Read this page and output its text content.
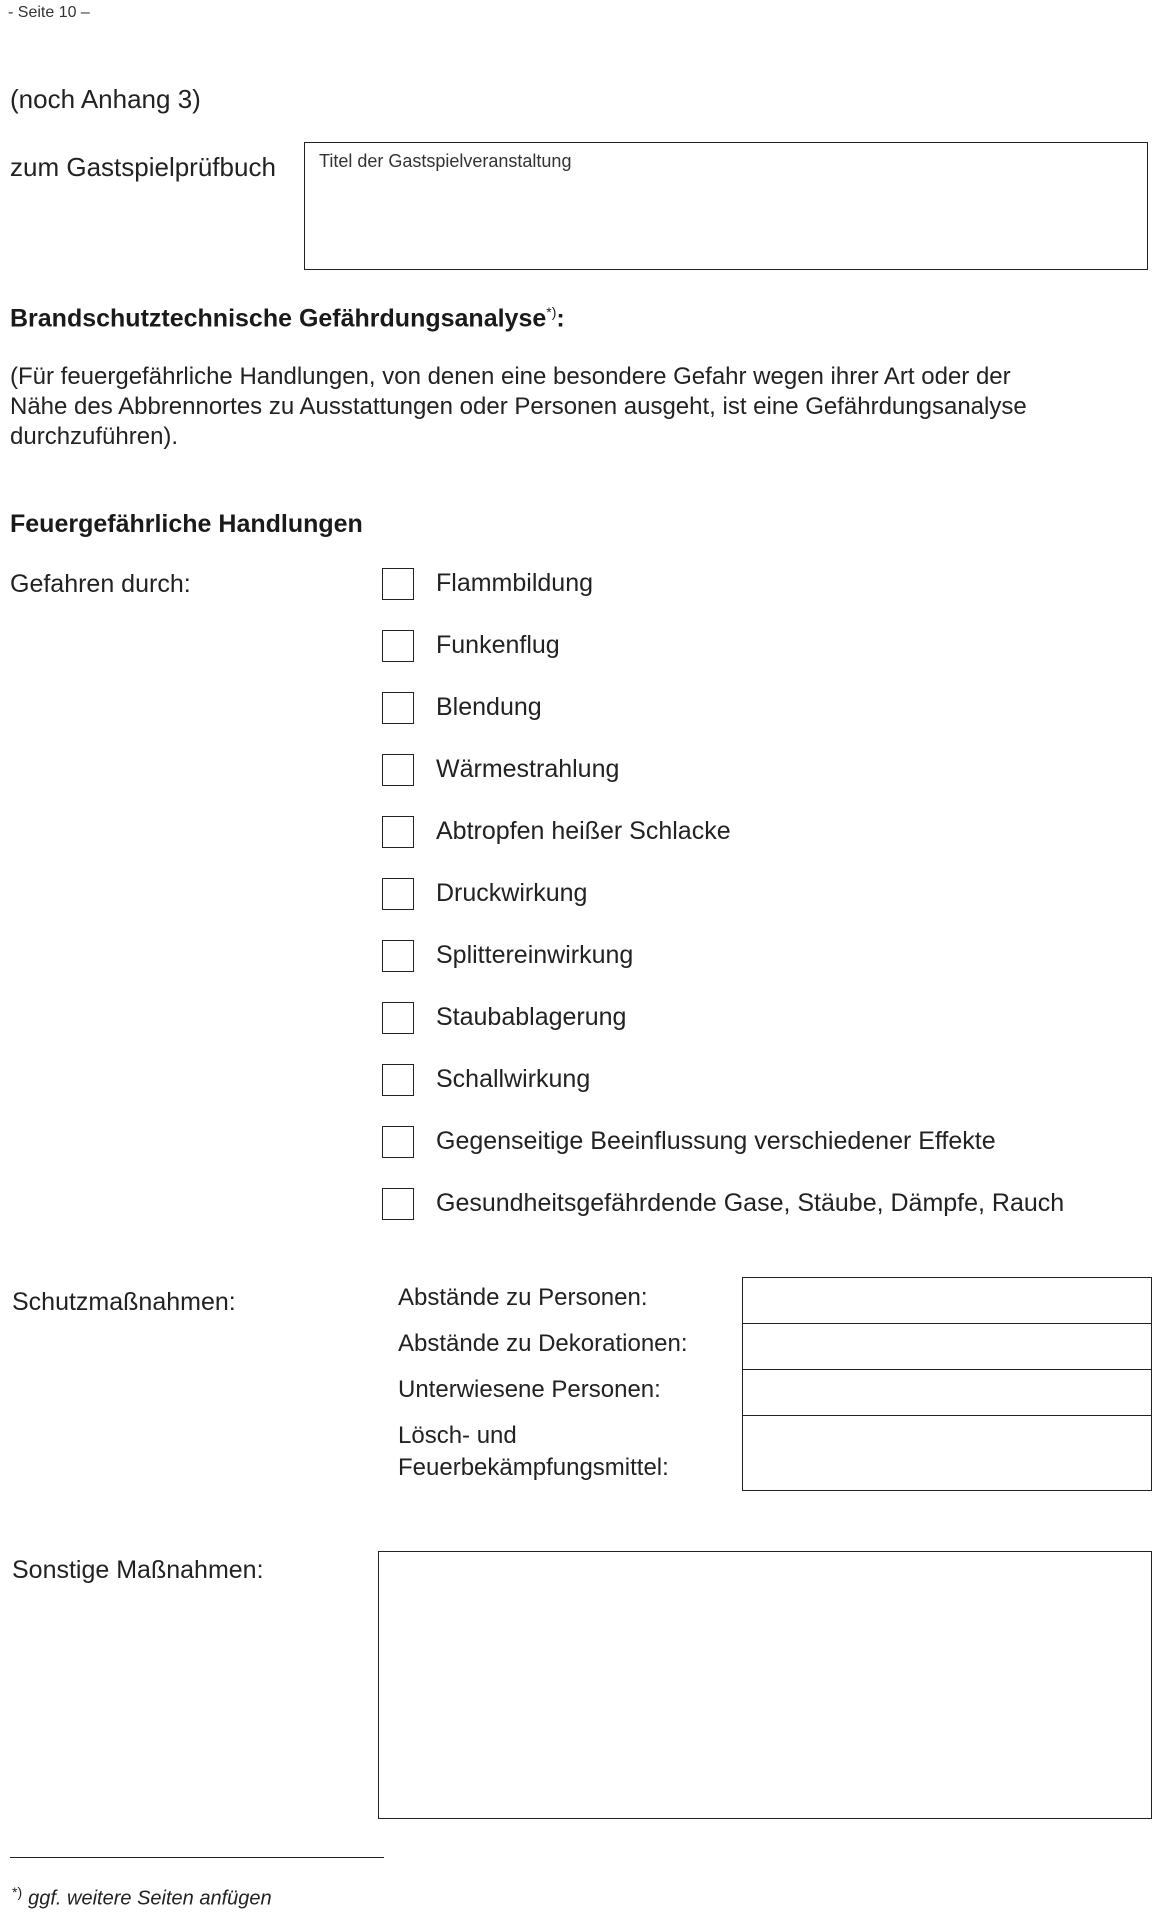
- Seite 10 –
(noch Anhang 3)
zum Gastspielprüfbuch Titel der Gastspielveranstaltung
Brandschutztechnische Gefährdungsanalyse*):
(Für feuergefährliche Handlungen, von denen eine besondere Gefahr wegen ihrer Art oder der
Nähe des Abbrennortes zu Ausstattungen oder Personen ausgeht, ist eine Gefährdungsanalyse
durchzuführen).
Feuergefährliche Handlungen
Gefahren durch:	Flammbildung
Funkenflug
Blendung
Wärmestrahlung
Abtropfen heißer Schlacke
Druckwirkung
Splittereinwirkung
Staubablagerung
Schallwirkung
Gegenseitige Beeinflussung verschiedener Effekte
Gesundheitsgefährdende Gase, Stäube, Dämpfe, Rauch
Schutzmaßnahmen:	Abstände zu Personen:
Abstände zu Dekorationen:
Unterwiesene Personen:
Lösch- und
Feuerbekämpfungsmittel:
Sonstige Maßnahmen:
*) ggf. weitere Seiten anfügen
